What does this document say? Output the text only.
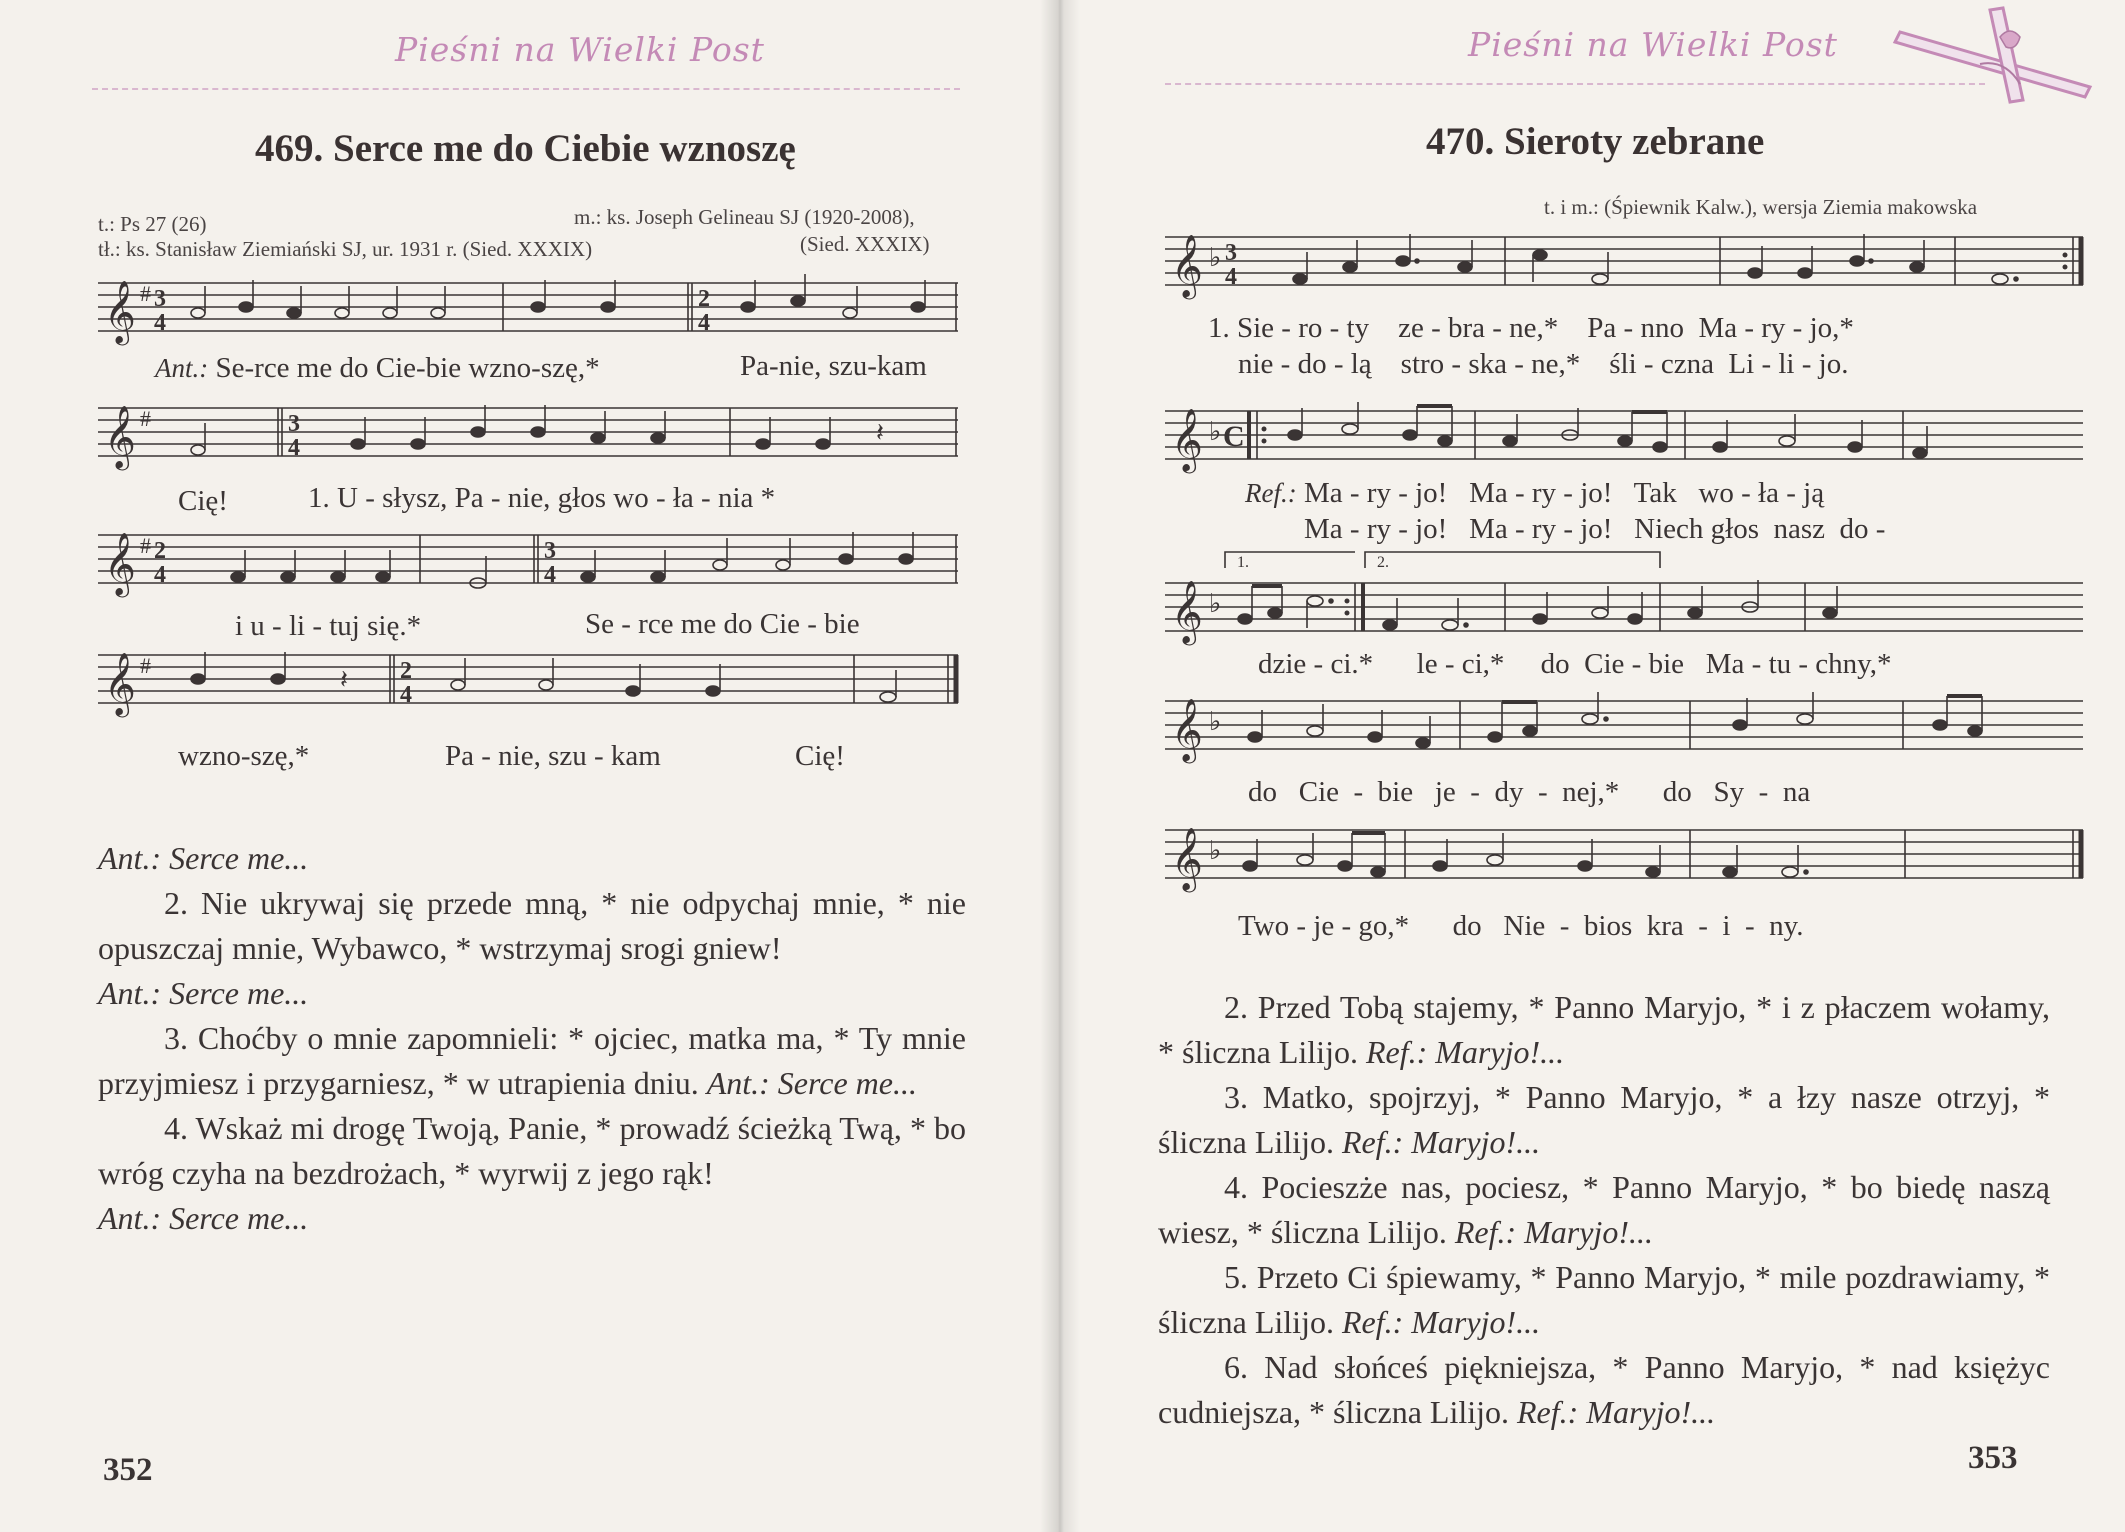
Pieśni na Wielki Post
469. Serce me do Ciebie wznoszę
t.: Ps 27 (26)
tł.: ks. Stanisław Ziemiański SJ, ur. 1931 r. (Sied. XXXIX)
m.: ks. Joseph Gelineau SJ (1920-2008),
(Sied. XXXIX)
𝄞 # 3
4
2
4
Ant.: Se-rce me do Cie-bie wzno-szę,*	Pa-nie, szu-kam
𝄞 #	3
4
𝄽
Cię!	1. U - słysz, Pa - nie, głos wo - ła - nia *
𝄞 # 2
4
3
4
i u - li - tuj się.*	Se - rce me do Cie - bie
𝄞 #	2
4
𝄽
wzno-szę,*	Pa - nie, szu - kam	Cię!

Ant.: Serce me...

2. Nie ukrywaj się przede mną, * nie odpychaj mnie, * nie opuszczaj mnie, Wybawco, * wstrzymaj srogi gniew!

Ant.: Serce me...

3. Choćby o mnie zapomnieli: * ojciec, matka ma, * Ty mnie przyjmiesz i przygarniesz, * w utrapienia dniu. Ant.: Serce me...

4. Wskaż mi drogę Twoją, Panie, * prowadź ścieżką Twą, * bo wróg czyha na bezdrożach, * wyrwij z jego rąk!

Ant.: Serce me...

352
Pieśni na Wielki Post
470. Sieroty zebrane
t. i m.: (Śpiewnik Kalw.), wersja Ziemia makowska
𝄞 ♭ 3
4
1. Sie - ro - ty    ze - bra - ne,*    Pa - nno  Ma - ry - jo,*
nie - do - lą    stro - ska - ne,*    śli - czna  Li - li - jo.
𝄞 ♭ C
Ref.: Ma - ry - jo!   Ma - ry - jo!   Tak   wo - ła - ją
Ma - ry - jo!   Ma - ry - jo!   Niech głos  nasz  do -
1.	2.
𝄞 ♭
dzie - ci.*      le - ci,*     do  Cie - bie   Ma - tu - chny,*
𝄞 ♭
do   Cie  -  bie   je  -  dy  -  nej,*      do   Sy  -  na
𝄞 ♭
Two - je - go,*      do   Nie  -  bios  kra  -  i  -  ny.

2. Przed Tobą stajemy, * Panno Maryjo, * i z płaczem wołamy, * śliczna Lilijo. Ref.: Maryjo!...

3. Matko, spojrzyj, * Panno Maryjo, * a łzy nasze otrzyj, * śliczna Lilijo. Ref.: Maryjo!...

4. Pocieszże nas, pociesz, * Panno Maryjo, * bo biedę naszą wiesz, * śliczna Lilijo. Ref.: Maryjo!...

5. Przeto Ci śpiewamy, * Panno Maryjo, * mile pozdrawiamy, * śliczna Lilijo. Ref.: Maryjo!...

6. Nad słońceś piękniejsza, * Panno Maryjo, * nad księżyc cudniejsza, * śliczna Lilijo. Ref.: Maryjo!...

353
